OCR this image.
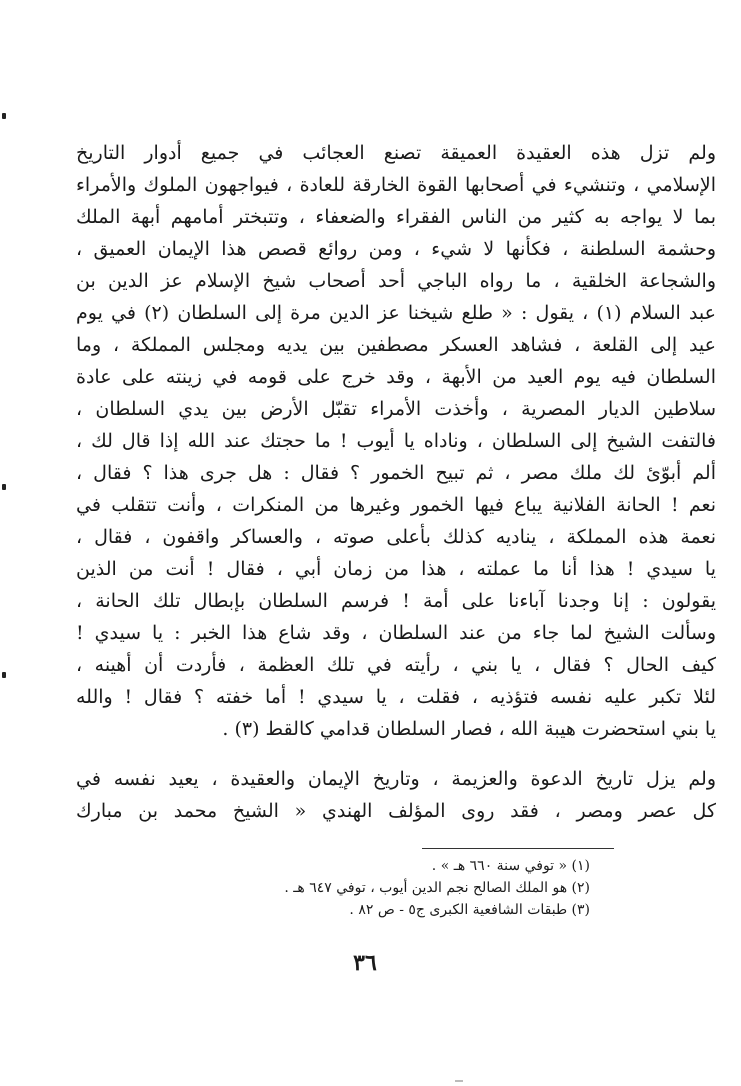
ولم تزل هذه العقيدة العميقة تصنع العجائب في جميع أدوار التاريخ
الإسلامي ، وتنشيء في أصحابها القوة الخارقة للعادة ، فيواجهون الملوك والأمراء
بما لا يواجه به كثير من الناس الفقراء والضعفاء ، وتتبختر أمامهم أبهة الملك
وحشمة السلطنة ، فكأنها لا شيء ، ومن روائع قصص هذا الإيمان العميق ،
والشجاعة الخلقية ، ما رواه الباجي أحد أصحاب شيخ الإسلام عز الدين بن
عبد السلام (١) ، يقول : « طلع شيخنا عز الدين مرة إلى السلطان (٢) في يوم
عيد إلى القلعة ، فشاهد العسكر مصطفين بين يديه ومجلس المملكة ، وما
السلطان فيه يوم العيد من الأبهة ، وقد خرج على قومه في زينته على عادة
سلاطين الديار المصرية ، وأخذت الأمراء تقبّل الأرض بين يدي السلطان ،
فالتفت الشيخ إلى السلطان ، وناداه يا أيوب ! ما حجتك عند الله إذا قال لك ،
ألم أبوّئ لك ملك مصر ، ثم تبيح الخمور ؟ فقال : هل جرى هذا ؟ فقال ،
نعم ! الحانة الفلانية يباع فيها الخمور وغيرها من المنكرات ، وأنت تتقلب في
نعمة هذه المملكة ، يناديه كذلك بأعلى صوته ، والعساكر واقفون ، فقال ،
يا سيدي ! هذا أنا ما عملته ، هذا من زمان أبي ، فقال ! أنت من الذين
يقولون : إنا وجدنا آباءنا على أمة ! فرسم السلطان بإبطال تلك الحانة ،
وسألت الشيخ لما جاء من عند السلطان ، وقد شاع هذا الخبر : يا سيدي !
كيف الحال ؟ فقال ، يا بني ، رأيته في تلك العظمة ، فأردت أن أهينه ،
لئلا تكبر عليه نفسه فتؤذيه ، فقلت ، يا سيدي ! أما خفته ؟ فقال ! والله
يا بني استحضرت هيبة الله ، فصار السلطان قدامي كالقط (٣) .
ولم يزل تاريخ الدعوة والعزيمة ، وتاريخ الإيمان والعقيدة ، يعيد نفسه في
كل عصر ومصر ، فقد روى المؤلف الهندي « الشيخ محمد بن مبارك
(١) « توفي سنة ٦٦٠ هـ » .
(٢) هو الملك الصالح نجم الدين أيوب ، توفي ٦٤٧ هـ .
(٣) طبقات الشافعية الكبرى ج٥ - ص ٨٢ .
٣٦
